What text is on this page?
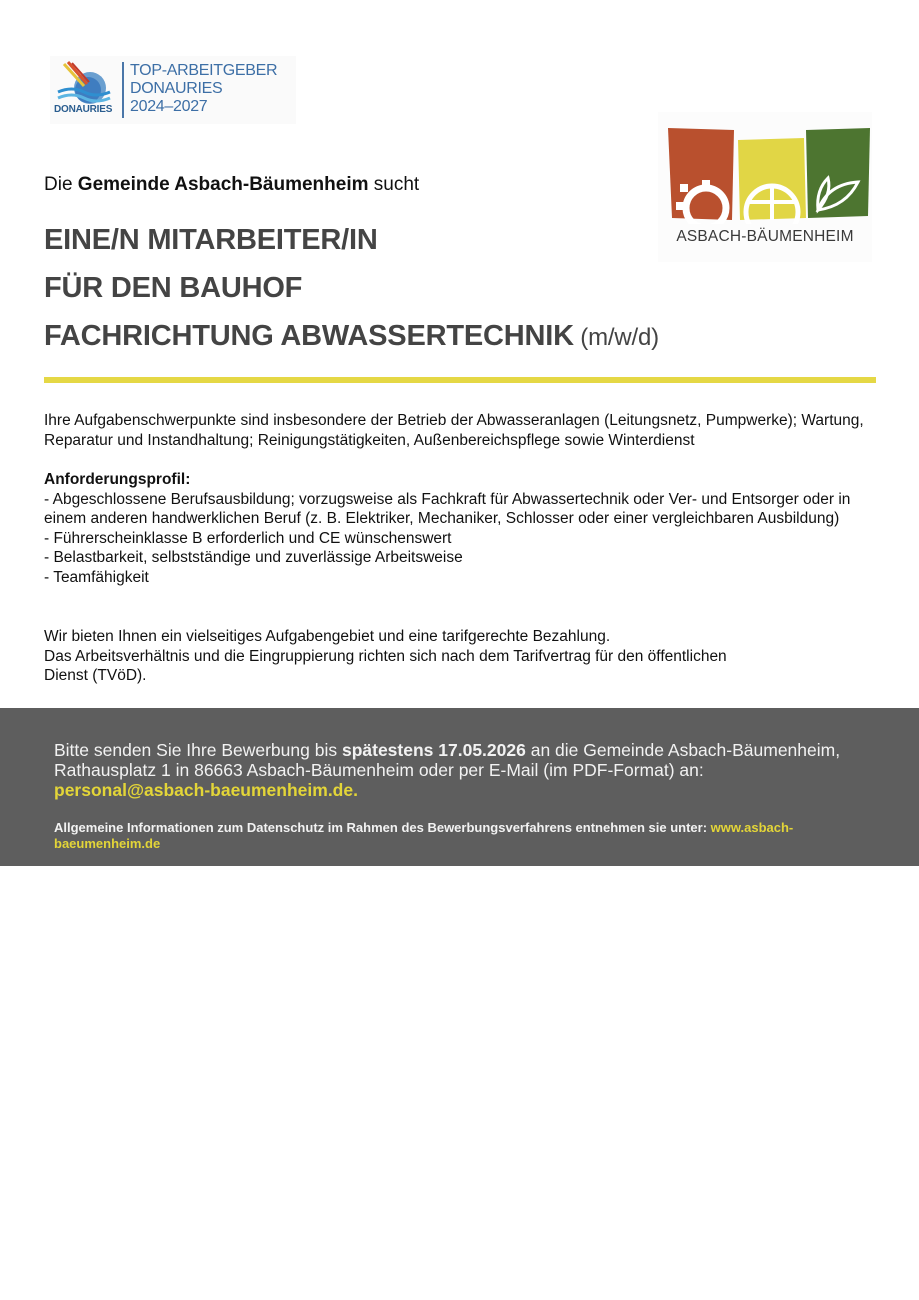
DONAURIES
TOP-ARBEITGEBER
DONAURIES
2024–2027
ASBACH-BÄUMENHEIM
Die Gemeinde Asbach-Bäumenheim sucht
EINE/N MITARBEITER/IN
FÜR DEN BAUHOF
FACHRICHTUNG ABWASSERTECHNIK (m/w/d)
Ihre Aufgabenschwerpunkte sind insbesondere der Betrieb der Abwasseranlagen (Leitungsnetz, Pumpwerke); Wartung, Reparatur und Instandhaltung; Reinigungstätigkeiten, Außenbereichspflege sowie Winterdienst
Anforderungsprofil:
- Abgeschlossene Berufsausbildung; vorzugsweise als Fachkraft für Abwassertechnik oder Ver- und Entsorger oder in einem anderen handwerklichen Beruf (z. B. Elektriker, Mechaniker, Schlosser oder einer vergleichbaren Ausbildung)
- Führerscheinklasse B erforderlich und CE wünschenswert
- Belastbarkeit, selbstständige und zuverlässige Arbeitsweise
- Teamfähigkeit
Wir bieten Ihnen ein vielseitiges Aufgabengebiet und eine tarifgerechte Bezahlung.
Das Arbeitsverhältnis und die Eingruppierung richten sich nach dem Tarifvertrag für den öffentlichen Dienst (TVöD).
Bitte senden Sie Ihre Bewerbung bis spätestens 17.05.2026 an die Gemeinde Asbach-Bäumenheim, Rathausplatz 1 in 86663 Asbach-Bäumenheim oder per E-Mail (im PDF-Format) an:
personal@asbach-baeumenheim.de.
Allgemeine Informationen zum Datenschutz im Rahmen des Bewerbungsverfahrens entnehmen sie unter: www.asbach-baeumenheim.de
